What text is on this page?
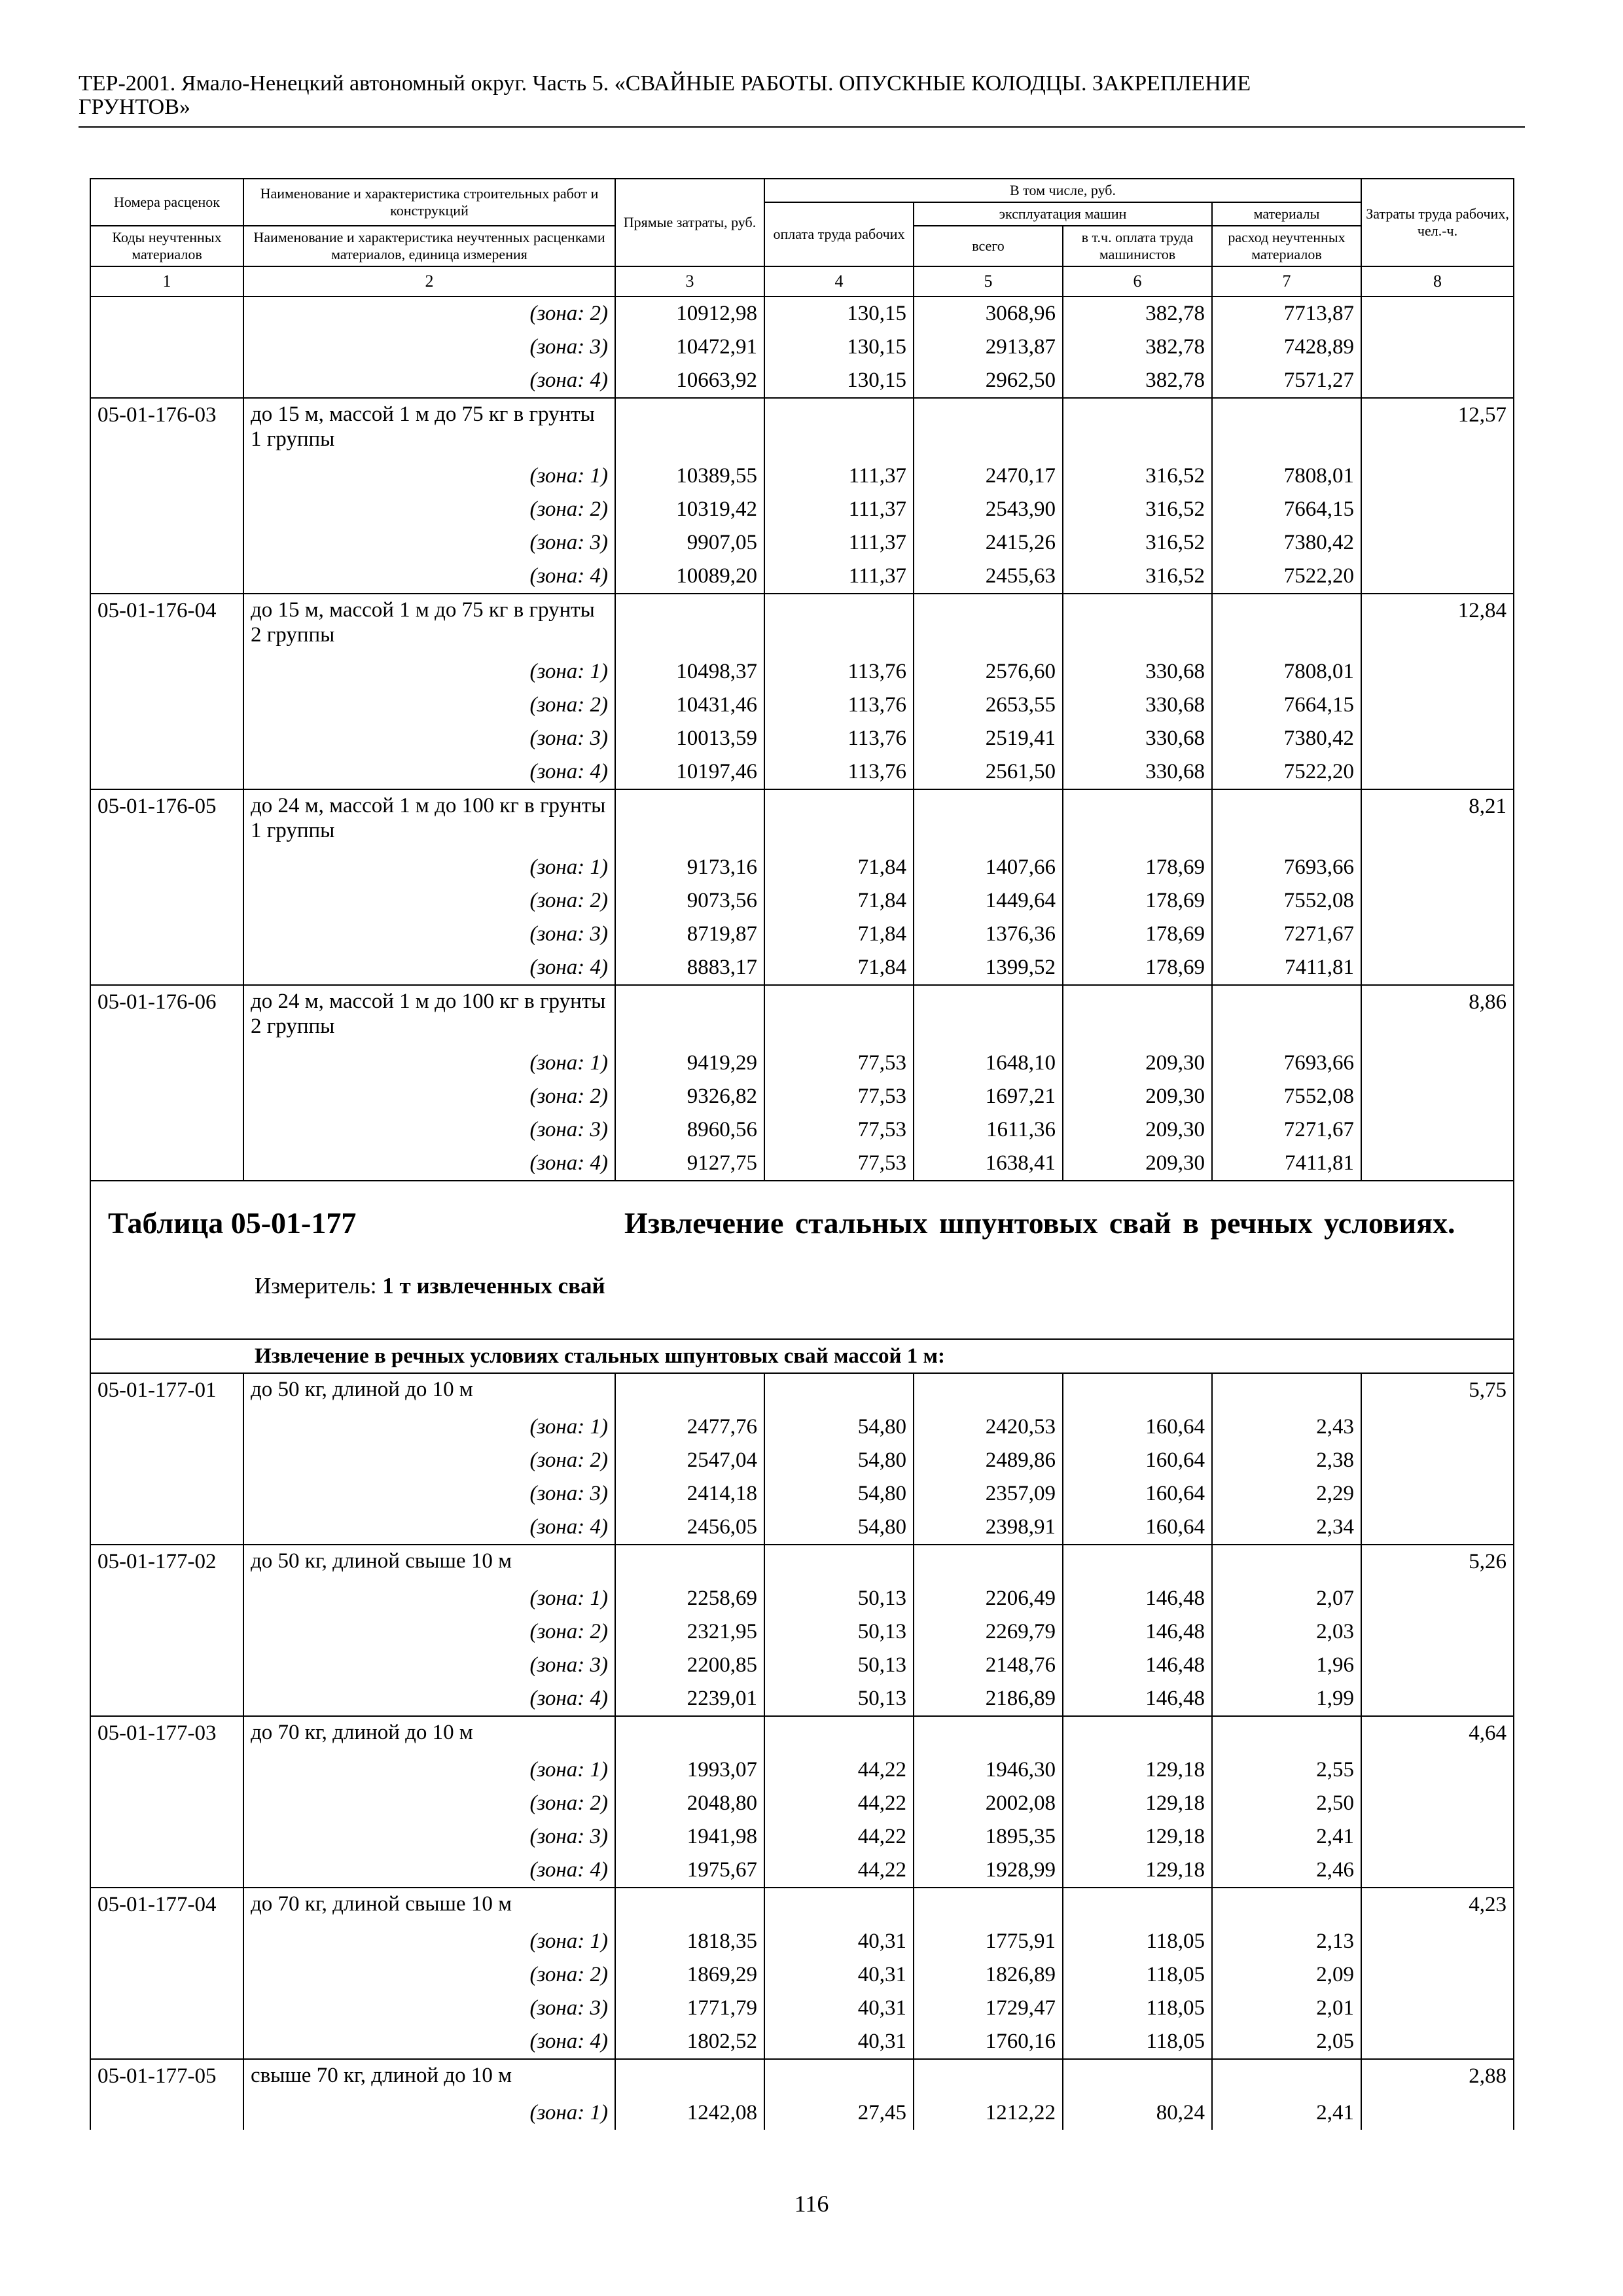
ТЕР-2001. Ямало-Ненецкий автономный округ. Часть 5. «СВАЙНЫЕ РАБОТЫ. ОПУСКНЫЕ КОЛОДЦЫ. ЗАКРЕПЛЕНИЕ
ГРУНТОВ»
Номера расценок	Наименование и характеристика строительных работ и конструкций	Прямые затраты, руб.	В том числе, руб.				Затраты труда рабочих, чел.-ч.
			оплата труда рабочих	эксплуатация машин		материалы	
Коды неучтенных материалов	Наименование и характеристика неучтенных расценками материалов, единица измерения			всего	в т.ч. оплата труда машинистов	расход неучтенных материалов	
1	2	3	4	5	6	7	8
	(зона: 2)	10912,98	130,15	3068,96	382,78	7713,87	
	(зона: 3)	10472,91	130,15	2913,87	382,78	7428,89	
	(зона: 4)	10663,92	130,15	2962,50	382,78	7571,27	
05-01-176-03	до 15 м, массой 1 м до 75 кг в грунты 1 группы						12,57
	(зона: 1)	10389,55	111,37	2470,17	316,52	7808,01	
	(зона: 2)	10319,42	111,37	2543,90	316,52	7664,15	
	(зона: 3)	9907,05	111,37	2415,26	316,52	7380,42	
	(зона: 4)	10089,20	111,37	2455,63	316,52	7522,20	
05-01-176-04	до 15 м, массой 1 м до 75 кг в грунты 2 группы						12,84
	(зона: 1)	10498,37	113,76	2576,60	330,68	7808,01	
	(зона: 2)	10431,46	113,76	2653,55	330,68	7664,15	
	(зона: 3)	10013,59	113,76	2519,41	330,68	7380,42	
	(зона: 4)	10197,46	113,76	2561,50	330,68	7522,20	
05-01-176-05	до 24 м, массой 1 м до 100 кг в грунты 1 группы						8,21
	(зона: 1)	9173,16	71,84	1407,66	178,69	7693,66	
	(зона: 2)	9073,56	71,84	1449,64	178,69	7552,08	
	(зона: 3)	8719,87	71,84	1376,36	178,69	7271,67	
	(зона: 4)	8883,17	71,84	1399,52	178,69	7411,81	
05-01-176-06	до 24 м, массой 1 м до 100 кг в грунты 2 группы						8,86
	(зона: 1)	9419,29	77,53	1648,10	209,30	7693,66	
	(зона: 2)	9326,82	77,53	1697,21	209,30	7552,08	
	(зона: 3)	8960,56	77,53	1611,36	209,30	7271,67	
	(зона: 4)	9127,75	77,53	1638,41	209,30	7411,81	

Таблица 05-01-177 Извлечение стальных шпунтовых свай в речных условиях.
Измеритель: 1 т извлеченных свай							

Извлечение в речных условиях стальных шпунтовых свай массой 1 м:							
05-01-177-01	до 50 кг, длиной до 10 м						5,75
	(зона: 1)	2477,76	54,80	2420,53	160,64	2,43	
	(зона: 2)	2547,04	54,80	2489,86	160,64	2,38	
	(зона: 3)	2414,18	54,80	2357,09	160,64	2,29	
	(зона: 4)	2456,05	54,80	2398,91	160,64	2,34	
05-01-177-02	до 50 кг, длиной свыше 10 м						5,26
	(зона: 1)	2258,69	50,13	2206,49	146,48	2,07	
	(зона: 2)	2321,95	50,13	2269,79	146,48	2,03	
	(зона: 3)	2200,85	50,13	2148,76	146,48	1,96	
	(зона: 4)	2239,01	50,13	2186,89	146,48	1,99	
05-01-177-03	до 70 кг, длиной до 10 м						4,64
	(зона: 1)	1993,07	44,22	1946,30	129,18	2,55	
	(зона: 2)	2048,80	44,22	2002,08	129,18	2,50	
	(зона: 3)	1941,98	44,22	1895,35	129,18	2,41	
	(зона: 4)	1975,67	44,22	1928,99	129,18	2,46	
05-01-177-04	до 70 кг, длиной свыше 10 м						4,23
	(зона: 1)	1818,35	40,31	1775,91	118,05	2,13	
	(зона: 2)	1869,29	40,31	1826,89	118,05	2,09	
	(зона: 3)	1771,79	40,31	1729,47	118,05	2,01	
	(зона: 4)	1802,52	40,31	1760,16	118,05	2,05	
05-01-177-05	свыше 70 кг, длиной до 10 м						2,88
	(зона: 1)	1242,08	27,45	1212,22	80,24	2,41	
116
